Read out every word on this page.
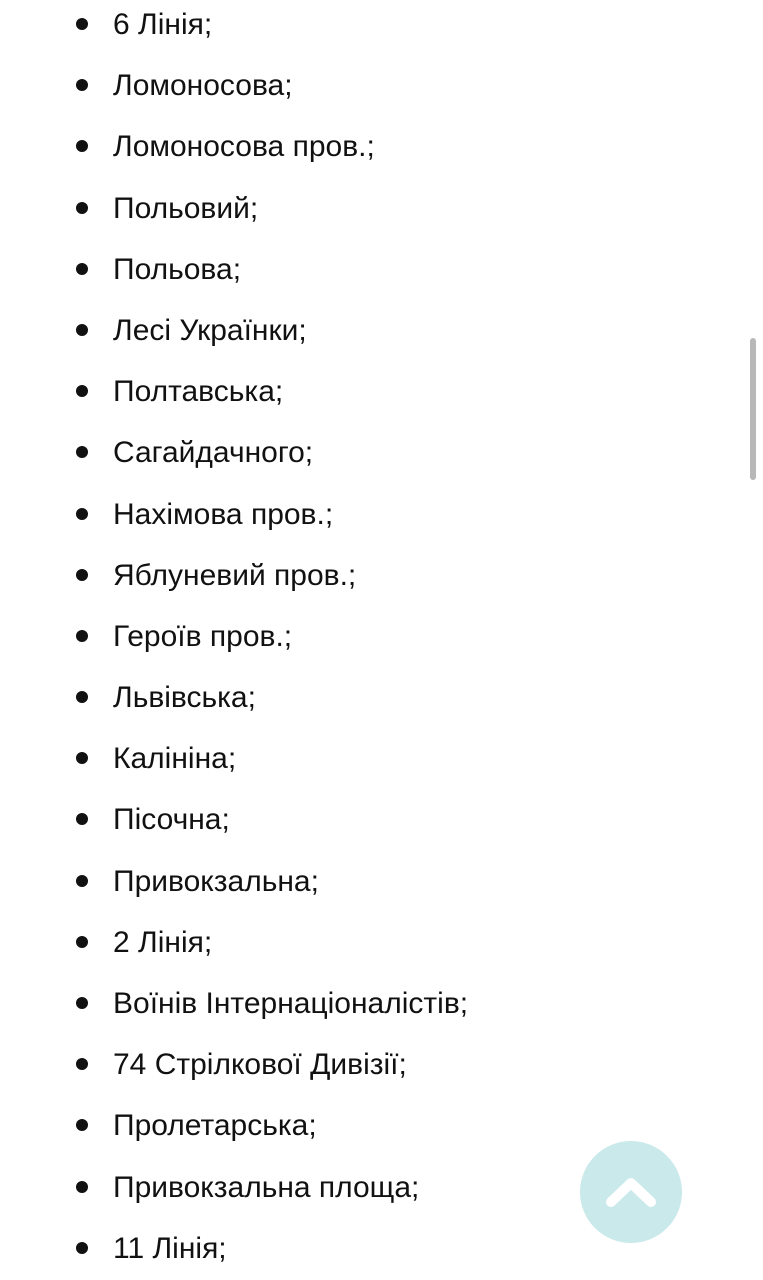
6 Лінія;
Ломоносова;
Ломоносова пров.;
Польовий;
Польова;
Лесі Українки;
Полтавська;
Сагайдачного;
Нахімова пров.;
Яблуневий пров.;
Героїв пров.;
Львівська;
Калініна;
Пісочна;
Привокзальна;
2 Лінія;
Воїнів Інтернаціоналістів;
74 Стрілкової Дивізії;
Пролетарська;
Привокзальна площа;
11 Лінія;
